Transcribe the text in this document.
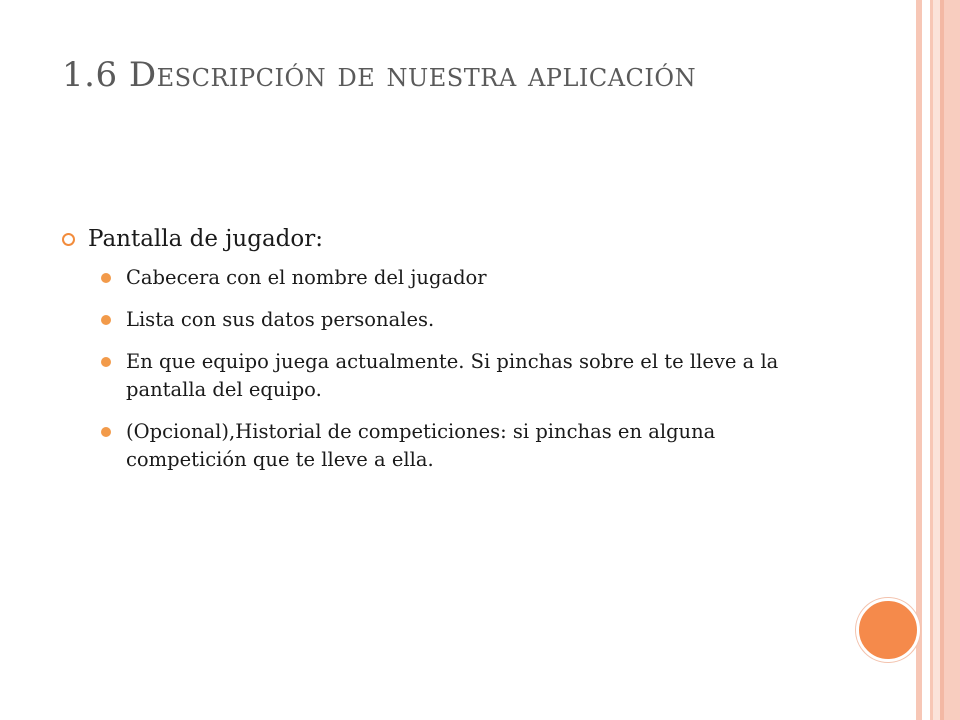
1.6 Descripción de nuestra aplicación

Pantalla de jugador:

Cabecera con el nombre del jugador
Lista con sus datos personales.
En que equipo juega actualmente. Si pinchas sobre el te lleve a la pantalla del equipo.
(Opcional),Historial de competiciones: si pinchas en alguna competición que te lleve a ella.
